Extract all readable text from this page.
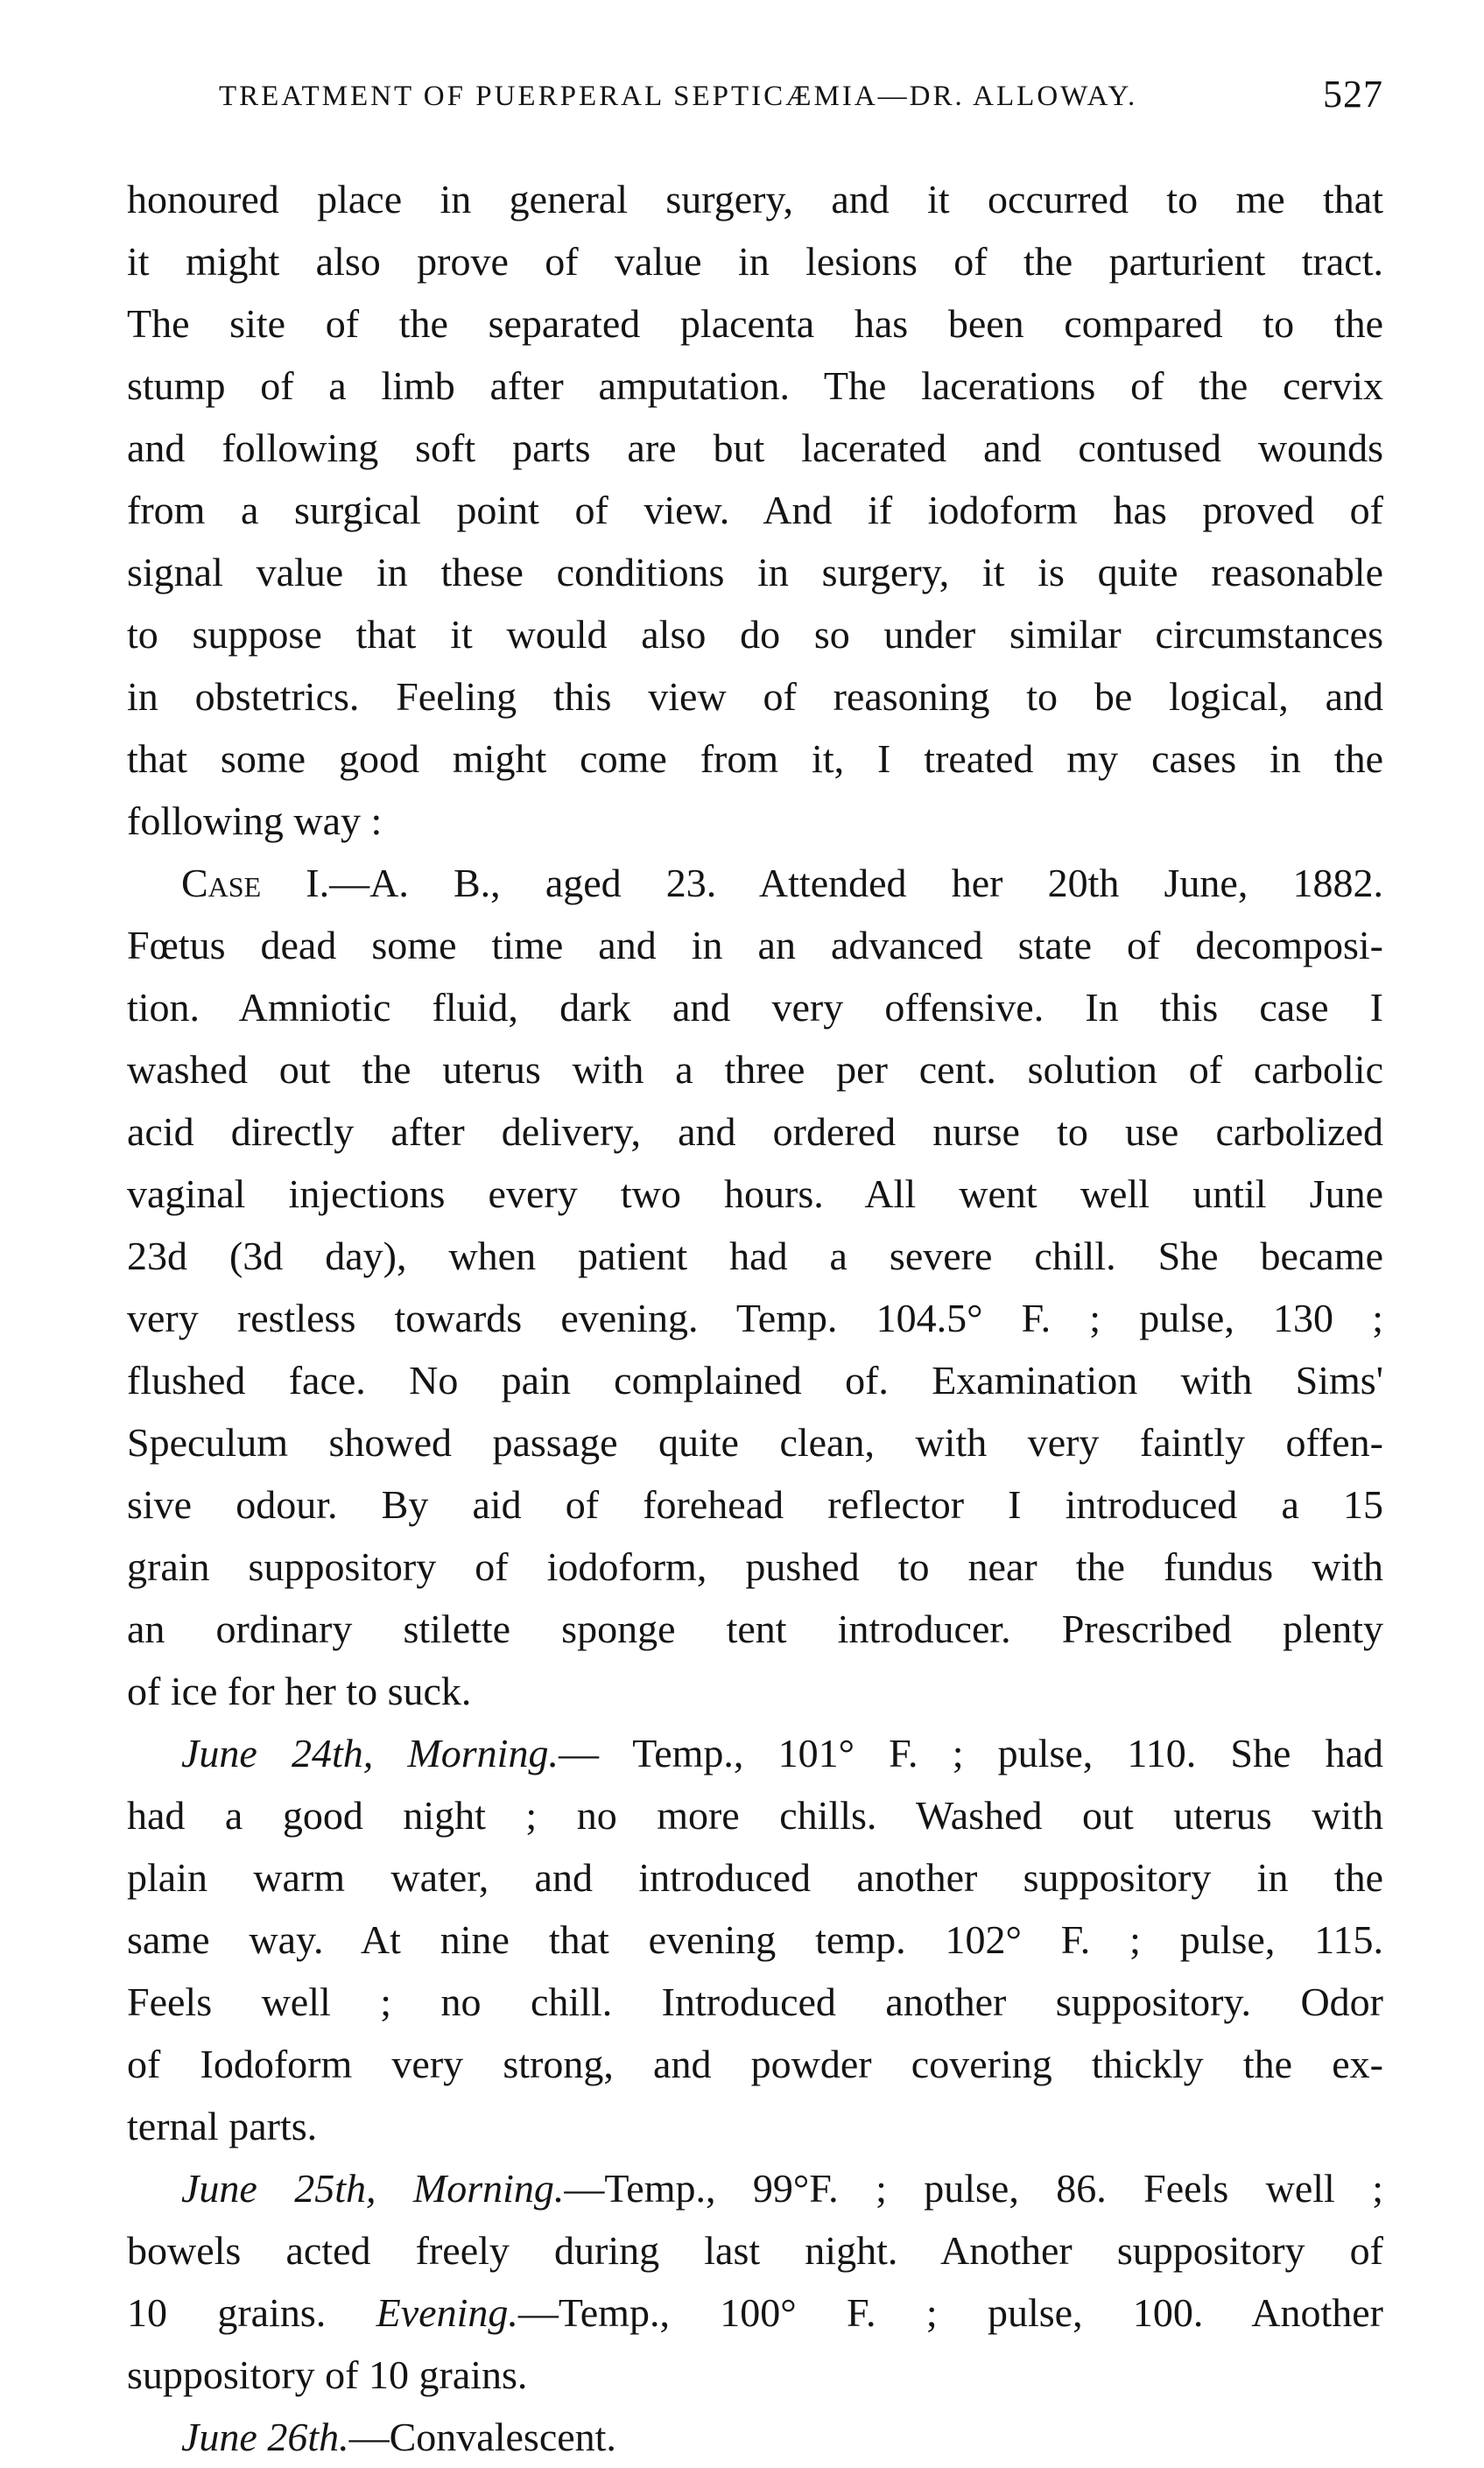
TREATMENT OF PUERPERAL SEPTICÆMIA—DR. ALLOWAY.	527
honoured place in general surgery, and it occurred to me that
it might also prove of value in lesions of the parturient tract.
The site of the separated placenta has been compared to the
stump of a limb after amputation. The lacerations of the cervix
and following soft parts are but lacerated and contused wounds
from a surgical point of view. And if iodoform has proved of
signal value in these conditions in surgery, it is quite reasonable
to suppose that it would also do so under similar circumstances
in obstetrics. Feeling this view of reasoning to be logical, and
that some good might come from it, I treated my cases in the
following way :
Case I.—A. B., aged 23. Attended her 20th June, 1882.
Fœtus dead some time and in an advanced state of decomposi-
tion. Amniotic fluid, dark and very offensive. In this case I
washed out the uterus with a three per cent. solution of carbolic
acid directly after delivery, and ordered nurse to use carbolized
vaginal injections every two hours. All went well until June
23d (3d day), when patient had a severe chill. She became
very restless towards evening. Temp. 104.5° F. ; pulse, 130 ;
flushed face. No pain complained of. Examination with Sims'
Speculum showed passage quite clean, with very faintly offen-
sive odour. By aid of forehead reflector I introduced a 15
grain suppository of iodoform, pushed to near the fundus with
an ordinary stilette sponge tent introducer. Prescribed plenty
of ice for her to suck.
June 24th, Morning.— Temp., 101° F. ; pulse, 110. She had
had a good night ; no more chills. Washed out uterus with
plain warm water, and introduced another suppository in the
same way. At nine that evening temp. 102° F. ; pulse, 115.
Feels well ; no chill. Introduced another suppository. Odor
of Iodoform very strong, and powder covering thickly the ex-
ternal parts.
June 25th, Morning.—Temp., 99°F. ; pulse, 86. Feels well ;
bowels acted freely during last night. Another suppository of
10 grains. Evening.—Temp., 100° F. ; pulse, 100. Another
suppository of 10 grains.
June 26th.—Convalescent.
